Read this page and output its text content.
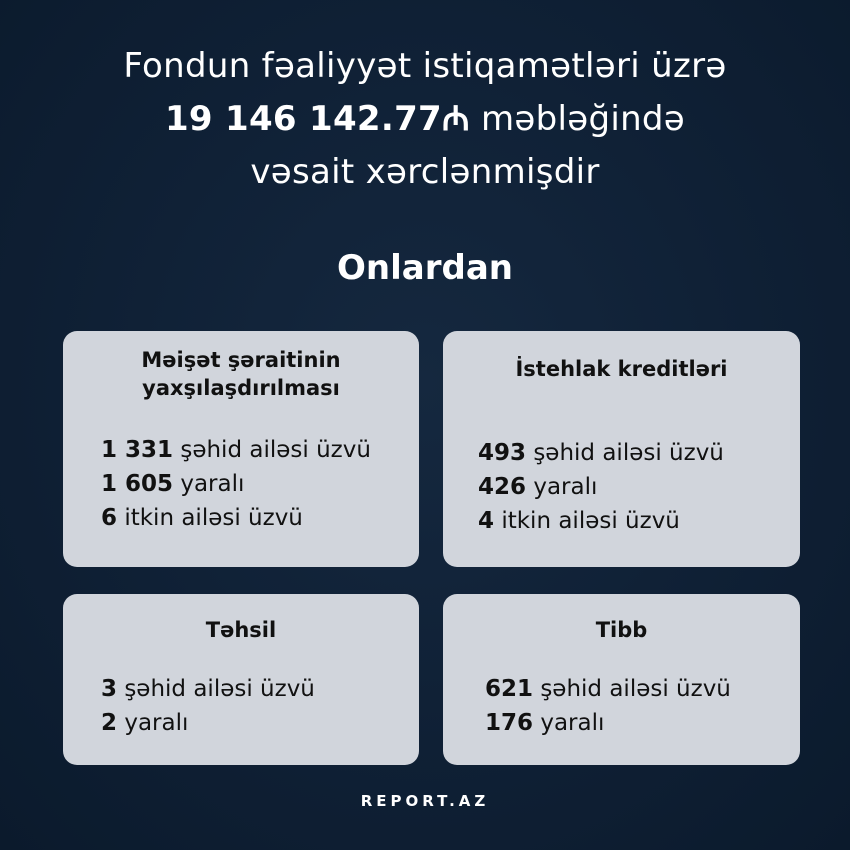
Fondun fəaliyyət istiqamətləri üzrə
19 146 142.77₼ məbləğində
vəsait xərclənmişdir
Onlardan
Məişət şəraitinin
yaxşılaşdırılması
1 331 şəhid ailəsi üzvü
1 605 yaralı
6 itkin ailəsi üzvü
İstehlak kreditləri
493 şəhid ailəsi üzvü
426 yaralı
4 itkin ailəsi üzvü
Təhsil
3 şəhid ailəsi üzvü
2 yaralı
Tibb
621 şəhid ailəsi üzvü
176 yaralı
REPORT.AZ
